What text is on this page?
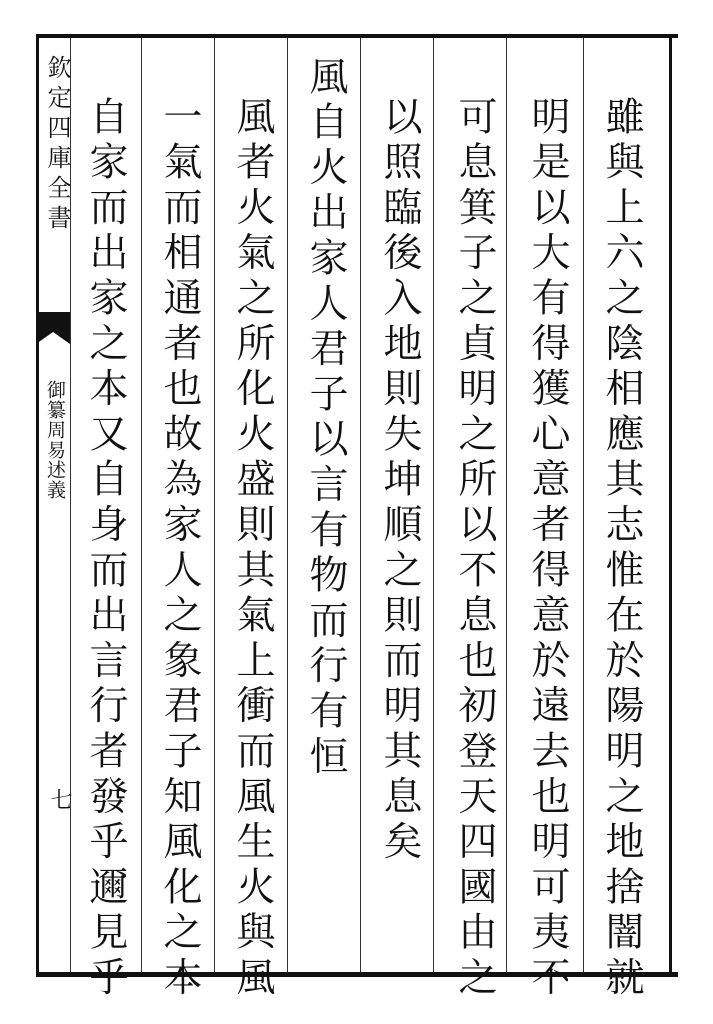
欽定四庫全書
御纂周易述義
七	雖與上六之陰相應其志惟在於陽明之地捨闇就
明是以大有得獲心意者得意於遠去也明可夷不
可息箕子之貞明之所以不息也初登天四國由之
以照臨後入地則失坤順之則而明其息矣
風自火出家人君子以言有物而行有恒
風者火氣之所化火盛則其氣上衝而風生火與風
一氣而相通者也故為家人之象君子知風化之本
自家而出家之本又自身而出言行者發乎邇見乎
